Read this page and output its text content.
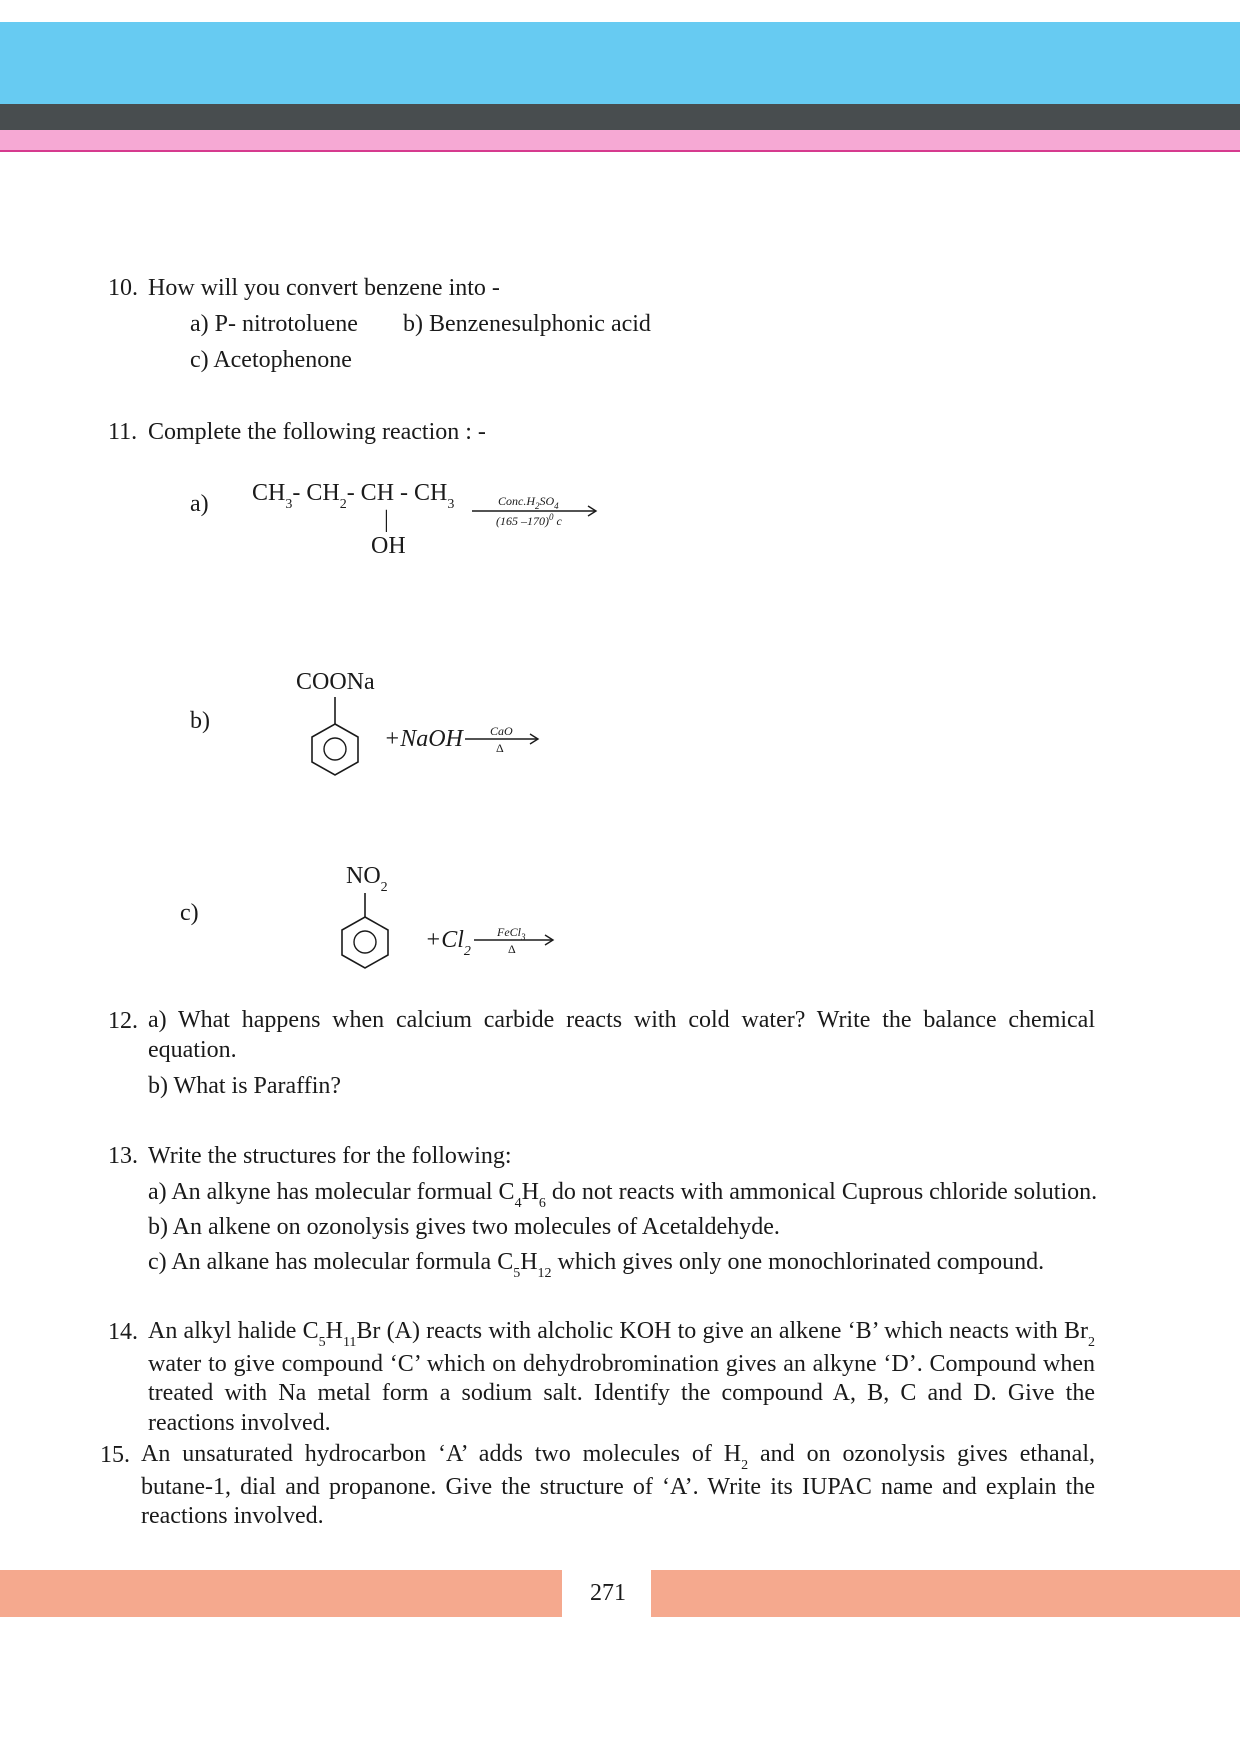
10. How will you convert benzene into -
a) P- nitrotoluene b) Benzenesulphonic acid
c) Acetophenone
11. Complete the following reaction : -
a) $CH_3-$ $CH_2-$ CH - $CH_3$
|
OH
$Conc.H_2SO_4$
(165 –170)$^0$ c
b)
COONa
+NaOH CaO
Δ
c)
$NO_2$
$+Cl_2$
FeCl$_3$
Δ
12. a) What happens when calcium carbide reacts with cold water? Write the balance chemical equation.
b) What is Paraffin?
13. Write the structures for the following:
a) An alkyne has molecular formual $C_4H_6$ do not reacts with ammonical Cuprous chloride solution.
b) An alkene on ozonolysis gives two molecules of Acetaldehyde.
c) An alkane has molecular formula $C_5H_{12}$ which gives only one monochlorinated compound.
14. An alkyl halide $C_5H_{11}Br$ (A) reacts with alcholic KOH to give an alkene ‘B’ which neacts with $Br_2$ water to give compound ‘C’ which on dehydrobromination gives an alkyne ‘D’. Compound when treated with Na metal form a sodium salt. Identify the compound A, B, C and D. Give the reactions involved.
15. An unsaturated hydrocarbon ‘A’ adds two molecules of $H_2$ and on ozonolysis gives ethanal, butane-1, dial and propanone. Give the structure of ‘A’. Write its IUPAC name and explain the reactions involved.
271
